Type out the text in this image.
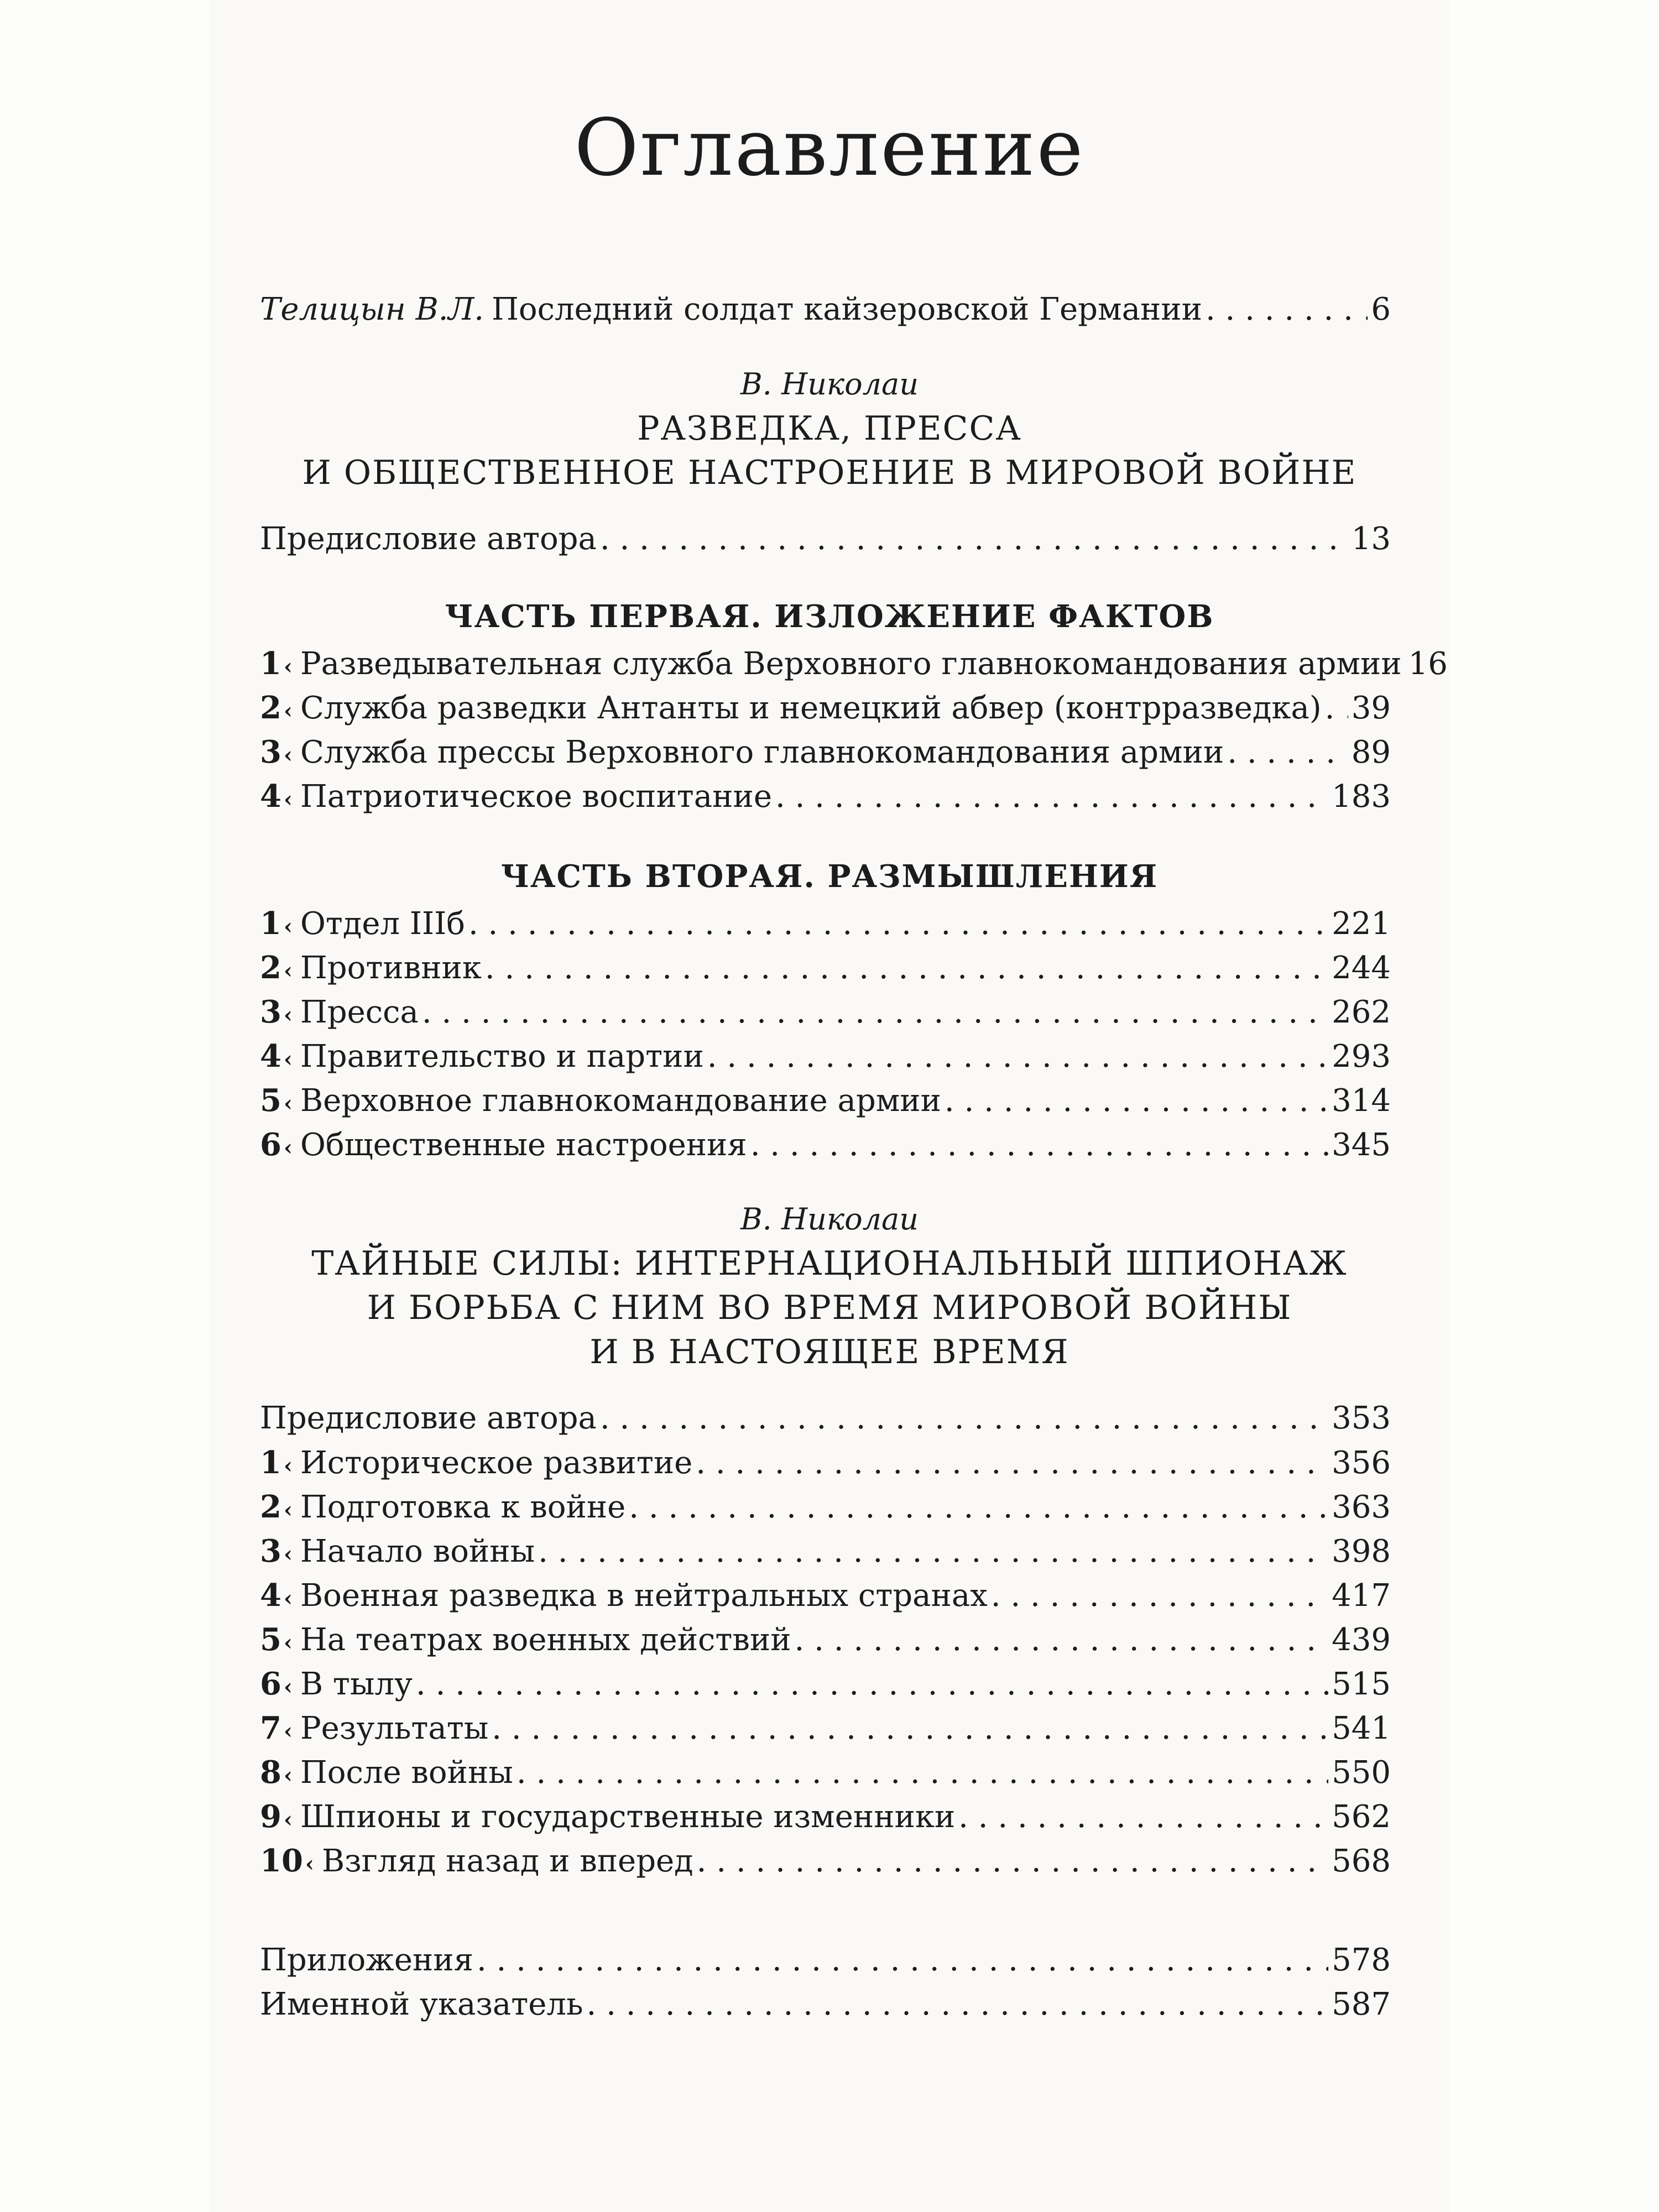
Оглавление
Телицын В.Л. Последний солдат кайзеровской Германии . . .	6
В. Николаи
РАЗВЕДКА, ПРЕССА
И ОБЩЕСТВЕННОЕ НАСТРОЕНИЕ В МИРОВОЙ ВОЙНЕ
Предисловие автора . . .	13
ЧАСТЬ ПЕРВАЯ. ИЗЛОЖЕНИЕ ФАКТОВ
1 ‹ Разведывательная служба Верховного главнокомандования армии 16
2 ‹ Служба разведки Антанты и немецкий абвер (контрразведка) . . . 39
3 ‹ Служба прессы Верховного главнокомандования армии . . .	89
4 ‹ Патриотическое воспитание . . .	183
ЧАСТЬ ВТОРАЯ. РАЗМЫШЛЕНИЯ
1 ‹ Отдел IIIб . . .	221
2 ‹ Противник . . .	244
3 ‹ Пресса . . .	262
4 ‹ Правительство и партии . . .	293
5 ‹ Верховное главнокомандование армии . . .	314
6 ‹ Общественные настроения . . .	345
В. Николаи
ТАЙНЫЕ СИЛЫ: ИНТЕРНАЦИОНАЛЬНЫЙ ШПИОНАЖ
И БОРЬБА С НИМ ВО ВРЕМЯ МИРОВОЙ ВОЙНЫ
И В НАСТОЯЩЕЕ ВРЕМЯ
Предисловие автора . . .	353
1 ‹ Историческое развитие . . .	356
2 ‹ Подготовка к войне . . .	363
3 ‹ Начало войны . . .	398
4 ‹ Военная разведка в нейтральных странах . . .	417
5 ‹ На театрах военных действий . . .	439
6 ‹ В тылу . . .	515
7 ‹ Результаты . . .	541
8 ‹ После войны . . .	550
9 ‹ Шпионы и государственные изменники . . .	562
10 ‹ Взгляд назад и вперед . . .	568
Приложения . . .	578
Именной указатель . . .	587
